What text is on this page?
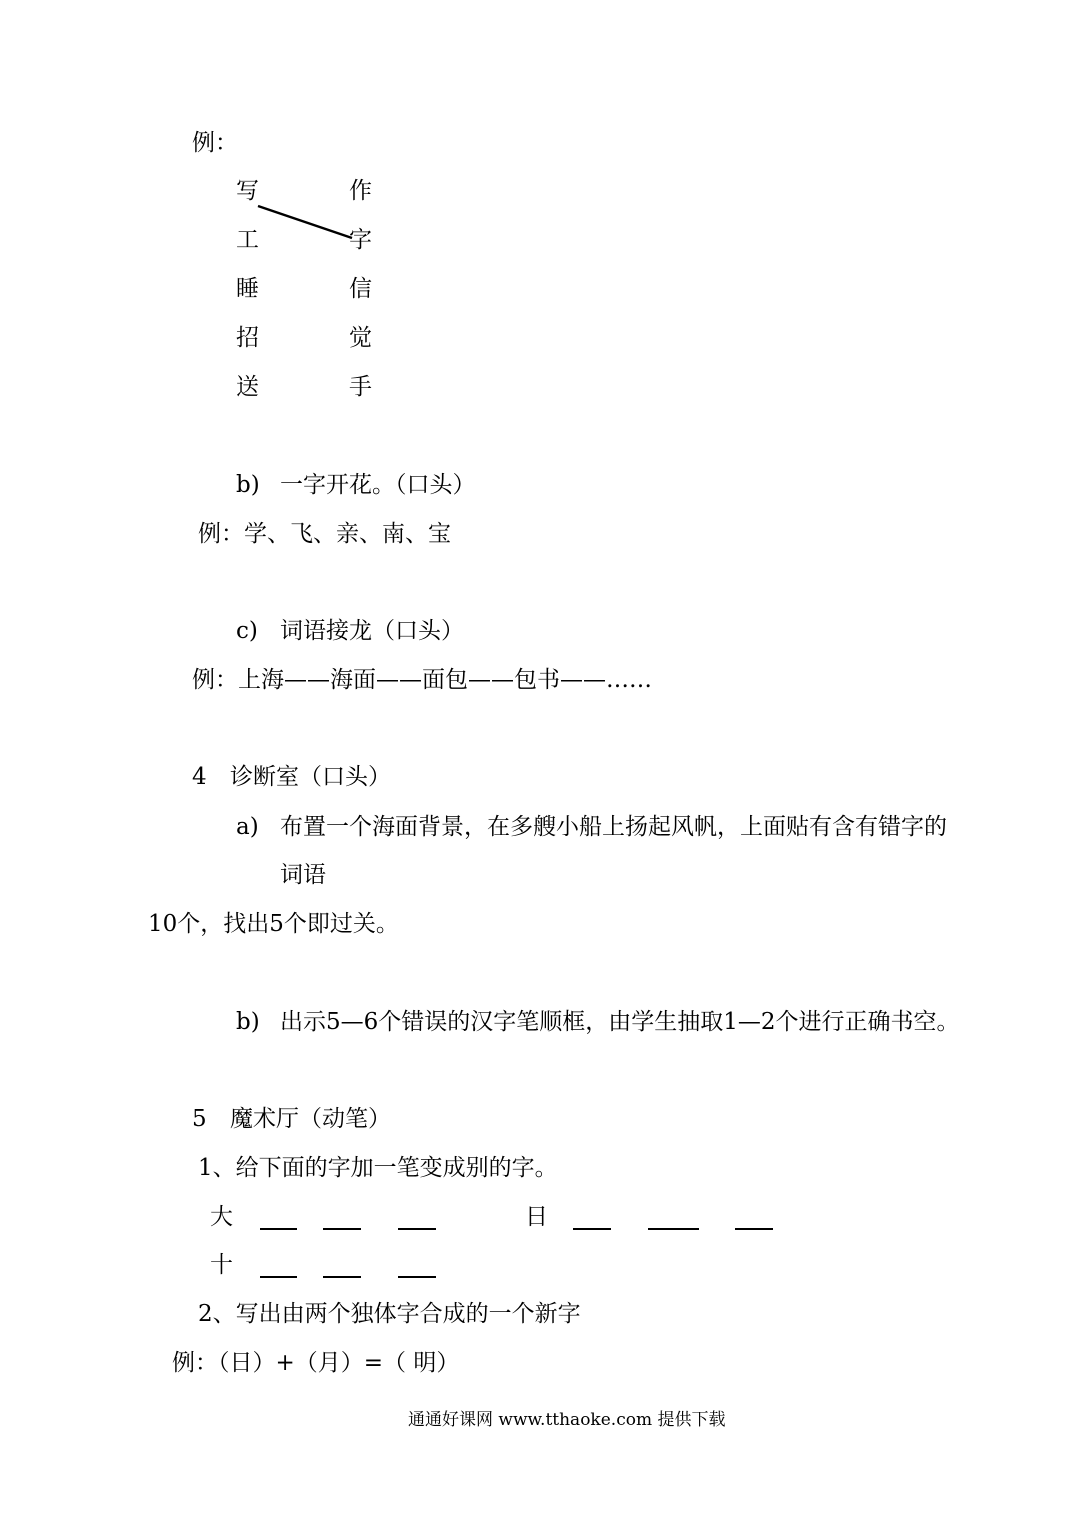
例：
写
工
睡
招
送
作
字
信
觉
手
b) 一字开花。（口头）
例：学、飞、亲、南、宝
c) 词语接龙（口头）
例：上海——海面——面包——包书——……
4 诊断室（口头）
a) 布置一个海面背景，在多艘小船上扬起风帆，上面贴有含有错字的
词语
10个，找出5个即过关。
b) 出示5—6个错误的汉字笔顺框，由学生抽取1—2个进行正确书空。
5 魔术厅（动笔）
1、给下面的字加一笔变成别的字。
大	日
十
2、写出由两个独体字合成的一个新字
例：（日）+（月）=（ 明）
通通好课网 www.tthaoke.com 提供下载
